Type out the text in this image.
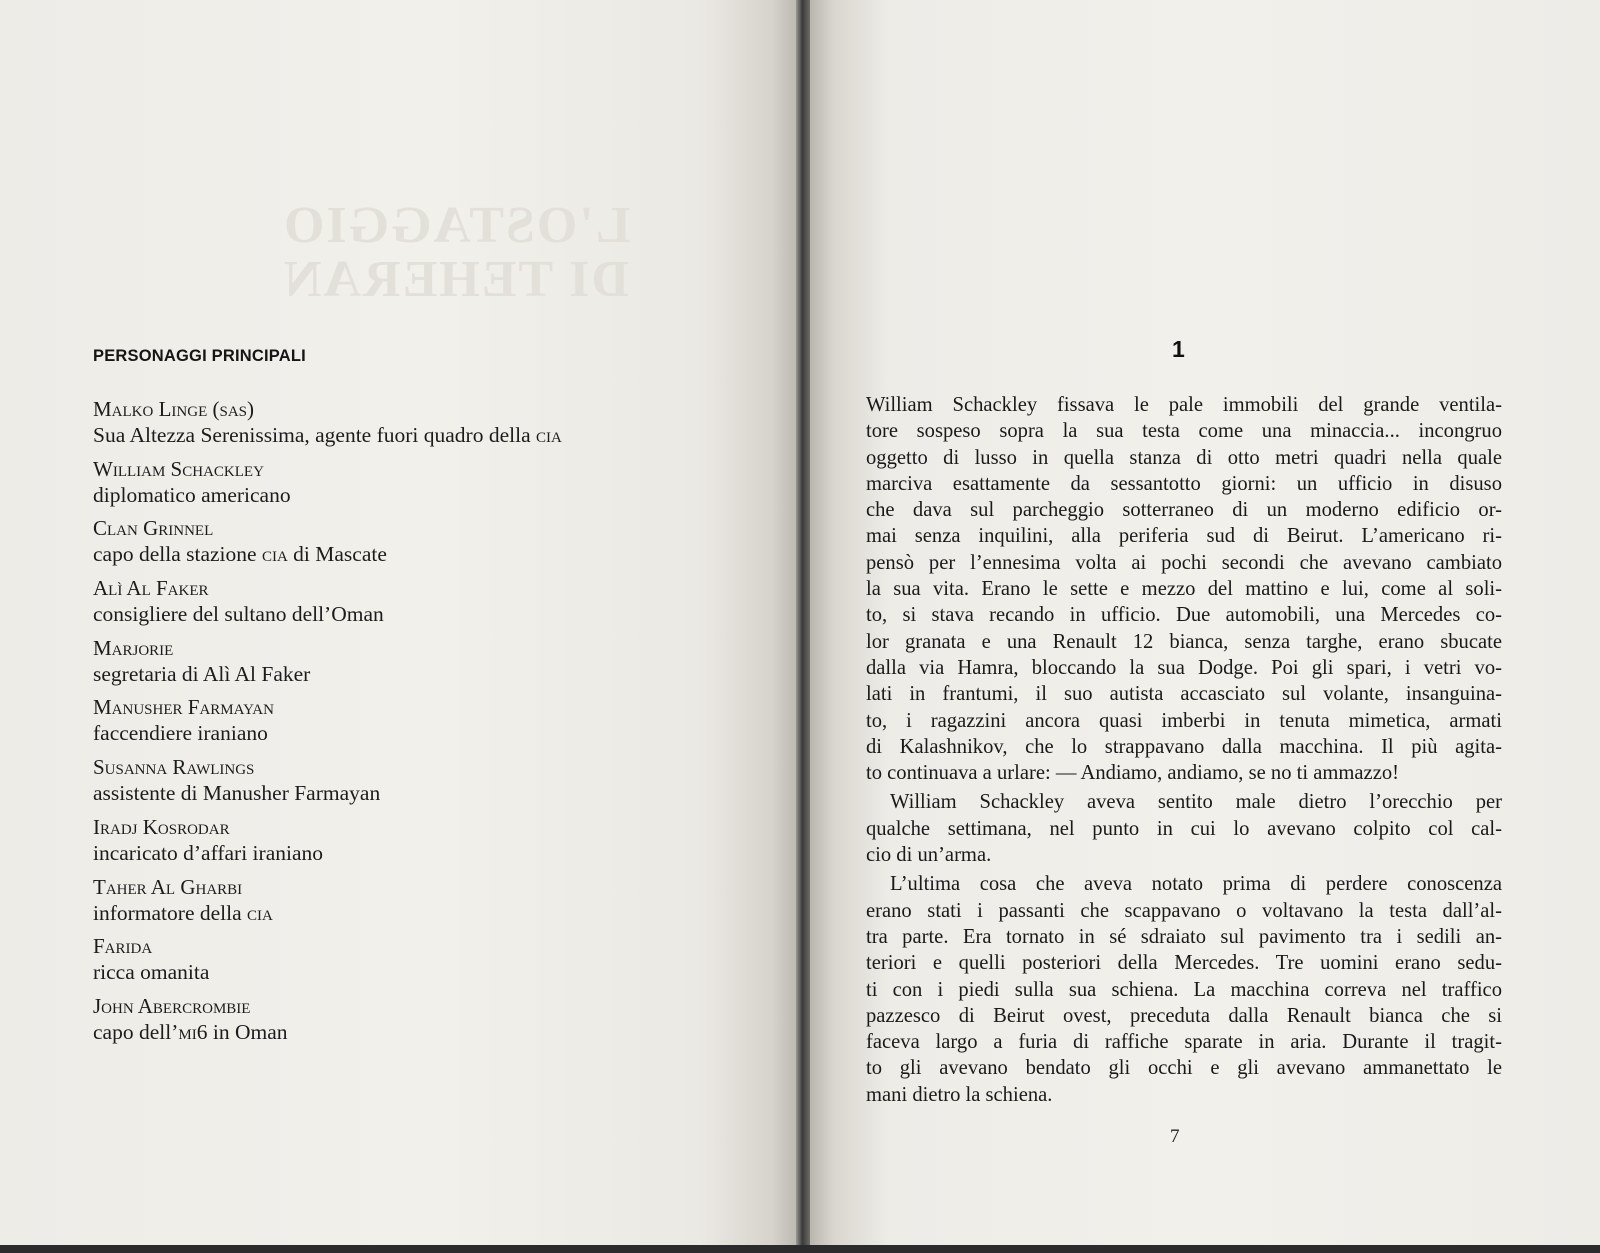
L'OSTAGGIO
DI TEHERAN
PERSONAGGI PRINCIPALI
Malko Linge (sas)
Sua Altezza Serenissima, agente fuori quadro della cia
William Schackley
diplomatico americano
Clan Grinnel
capo della stazione cia di Mascate
Alì Al Faker
consigliere del sultano dell’Oman
Marjorie
segretaria di Alì Al Faker
Manusher Farmayan
faccendiere iraniano
Susanna Rawlings
assistente di Manusher Farmayan
Iradj Kosrodar
incaricato d’affari iraniano
Taher Al Gharbi
informatore della cia
Farida
ricca omanita
John Abercrombie
capo dell’mi6 in Oman
1
William Schackley fissava le pale immobili del grande ventila-
tore sospeso sopra la sua testa come una minaccia... incongruo
oggetto di lusso in quella stanza di otto metri quadri nella quale
marciva esattamente da sessantotto giorni: un ufficio in disuso
che dava sul parcheggio sotterraneo di un moderno edificio or-
mai senza inquilini, alla periferia sud di Beirut. L’americano ri-
pensò per l’ennesima volta ai pochi secondi che avevano cambiato
la sua vita. Erano le sette e mezzo del mattino e lui, come al soli-
to, si stava recando in ufficio. Due automobili, una Mercedes co-
lor granata e una Renault 12 bianca, senza targhe, erano sbucate
dalla via Hamra, bloccando la sua Dodge. Poi gli spari, i vetri vo-
lati in frantumi, il suo autista accasciato sul volante, insanguina-
to, i ragazzini ancora quasi imberbi in tenuta mimetica, armati
di Kalashnikov, che lo strappavano dalla macchina. Il più agita-
to continuava a urlare: — Andiamo, andiamo, se no ti ammazzo!
William Schackley aveva sentito male dietro l’orecchio per
qualche settimana, nel punto in cui lo avevano colpito col cal-
cio di un’arma.
L’ultima cosa che aveva notato prima di perdere conoscenza
erano stati i passanti che scappavano o voltavano la testa dall’al-
tra parte. Era tornato in sé sdraiato sul pavimento tra i sedili an-
teriori e quelli posteriori della Mercedes. Tre uomini erano sedu-
ti con i piedi sulla sua schiena. La macchina correva nel traffico
pazzesco di Beirut ovest, preceduta dalla Renault bianca che si
faceva largo a furia di raffiche sparate in aria. Durante il tragit-
to gli avevano bendato gli occhi e gli avevano ammanettato le
mani dietro la schiena.
7
